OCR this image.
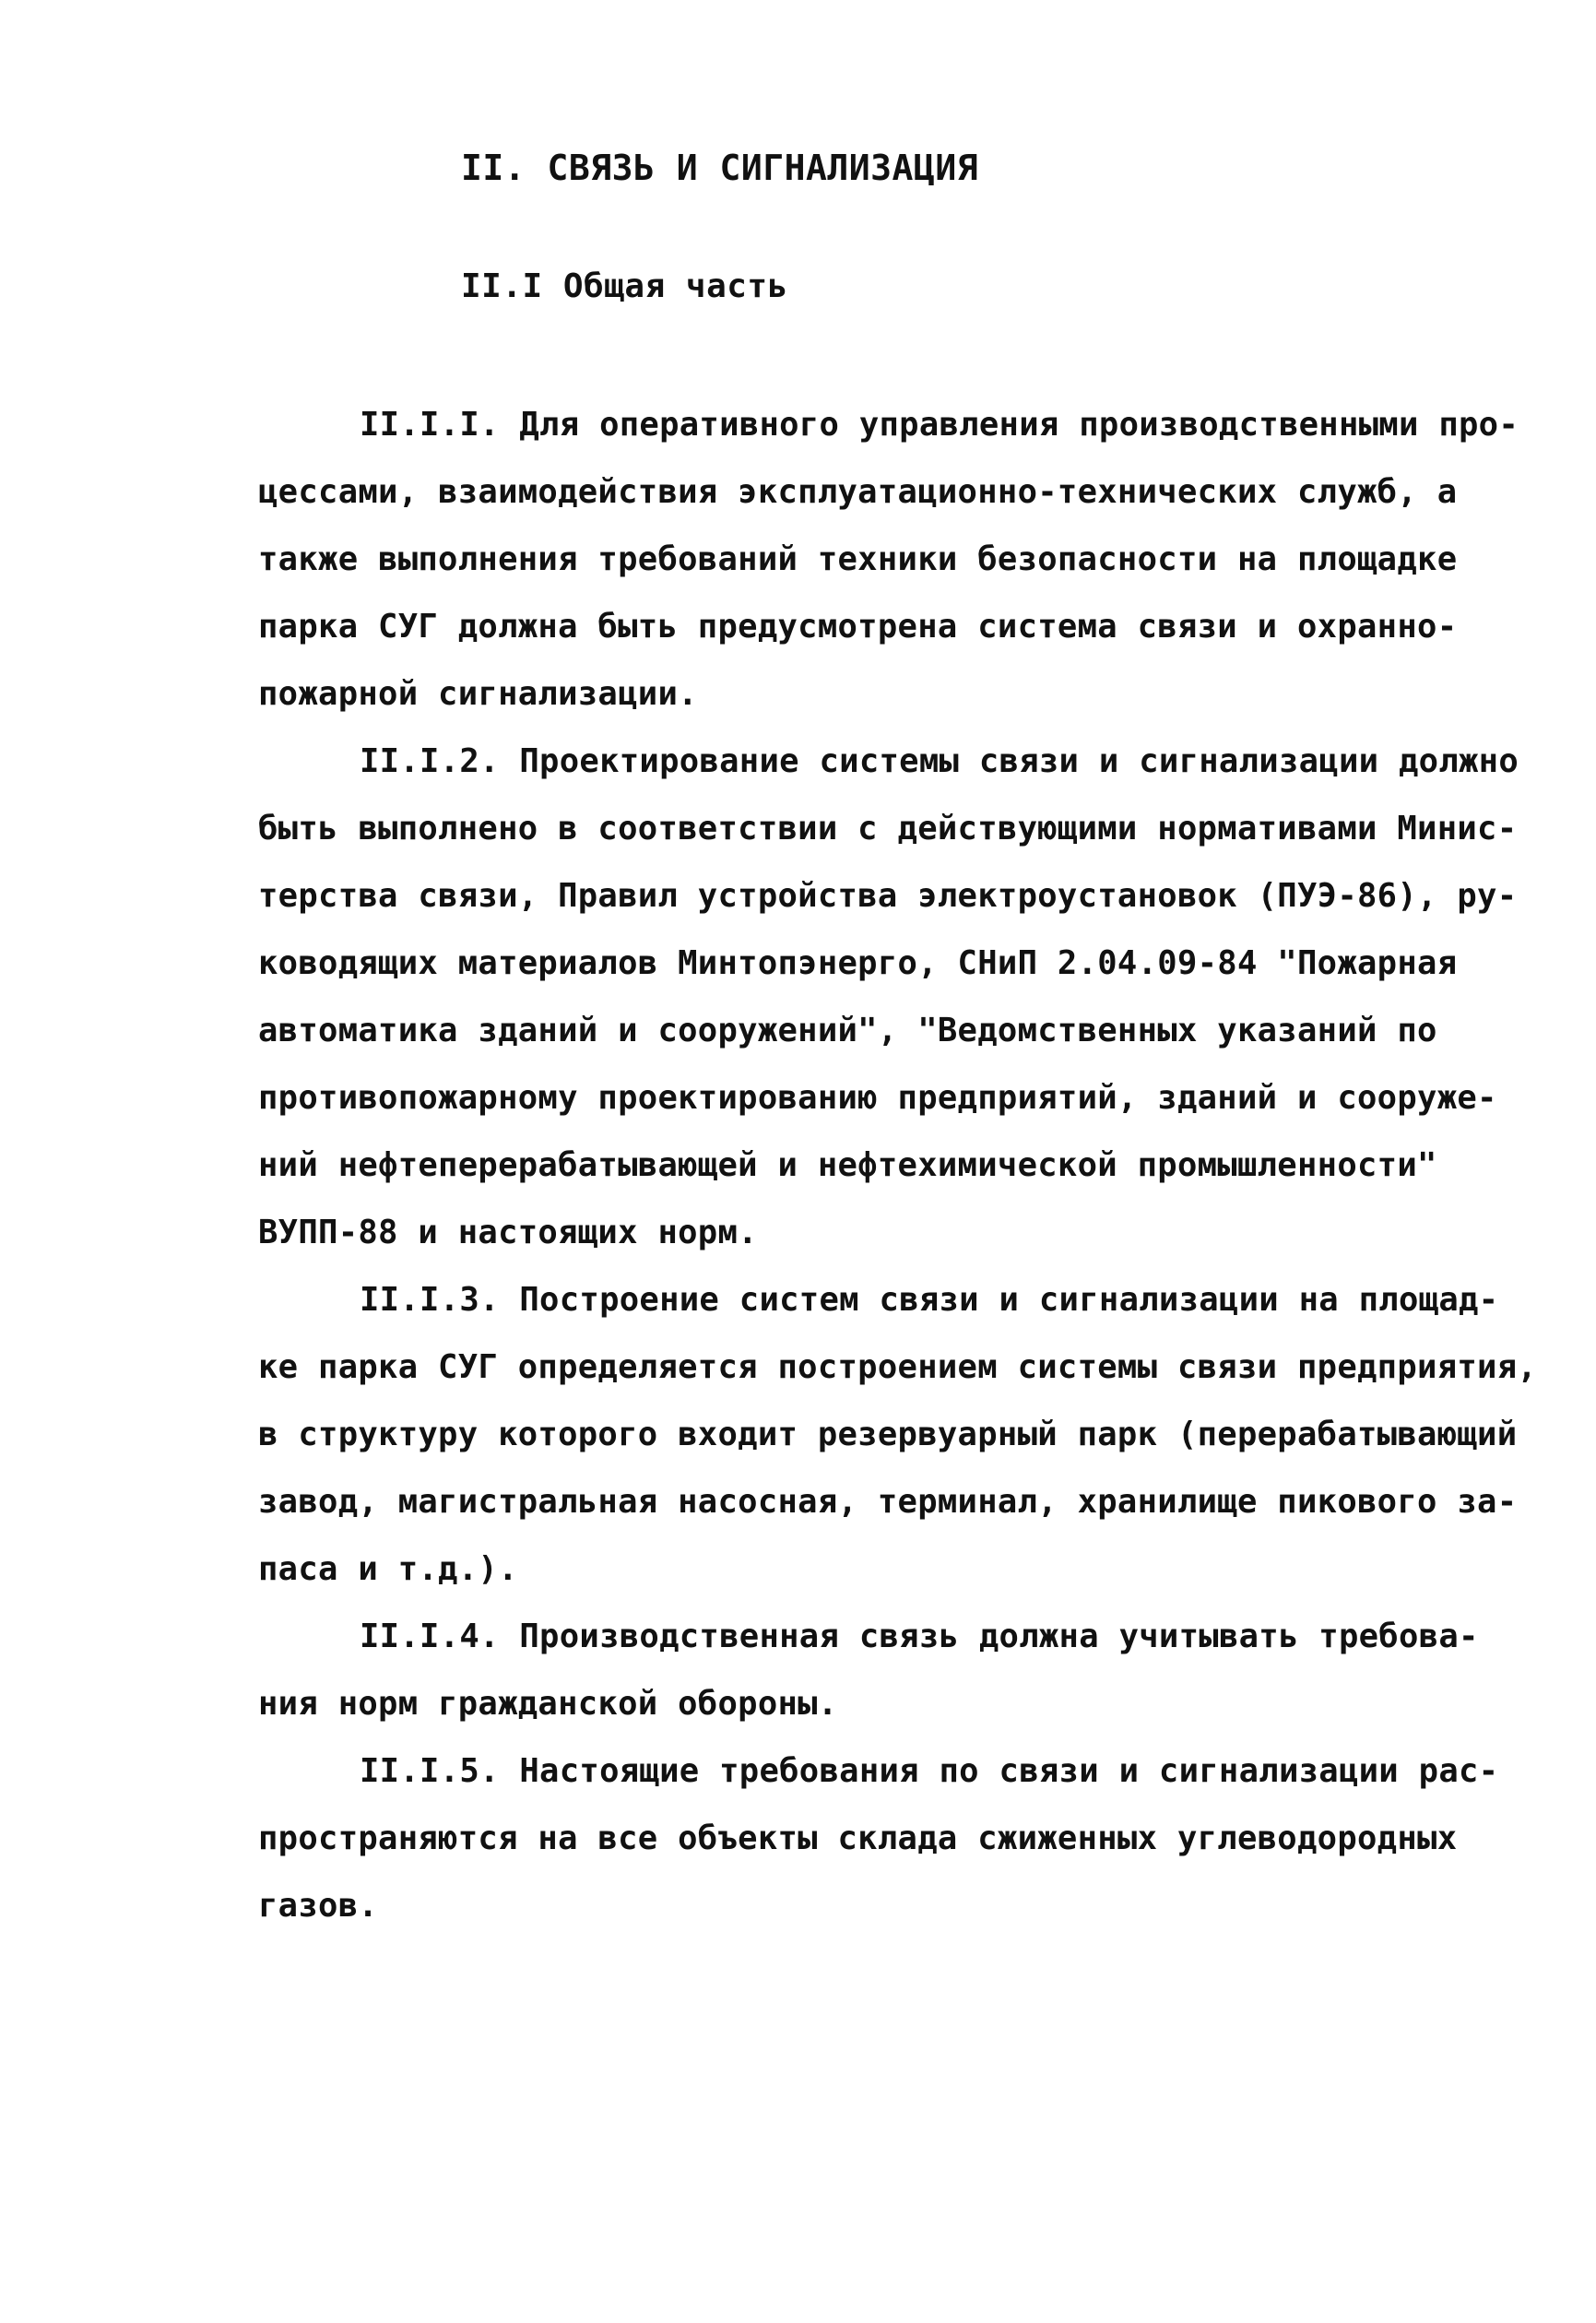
II. СВЯЗЬ И СИГНАЛИЗАЦИЯ
II.I Общая часть
II.I.I. Для оперативного управления производственными про-
цессами, взаимодействия эксплуатационно-технических служб, а
также выполнения требований техники безопасности на площадке
парка СУГ должна быть предусмотрена система связи и охранно-
пожарной сигнализации.
II.I.2. Проектирование системы связи и сигнализации должно
быть выполнено в соответствии с действующими нормативами Минис-
терства связи, Правил устройства электроустановок (ПУЭ-86), ру-
ководящих материалов Минтопэнерго, СНиП 2.04.09-84 "Пожарная
автоматика зданий и сооружений", "Ведомственных указаний по
противопожарному проектированию предприятий, зданий и сооруже-
ний нефтеперерабатывающей и нефтехимической промышленности"
ВУПП-88 и настоящих норм.
II.I.3. Построение систем связи и сигнализации на площад-
ке парка СУГ определяется построением системы связи предприятия,
в структуру которого входит резервуарный парк (перерабатывающий
завод, магистральная насосная, терминал, хранилище пикового за-
паса и т.д.).
II.I.4. Производственная связь должна учитывать требова-
ния норм гражданской обороны.
II.I.5. Настоящие требования по связи и сигнализации рас-
пространяются на все объекты склада сжиженных углеводородных
газов.
